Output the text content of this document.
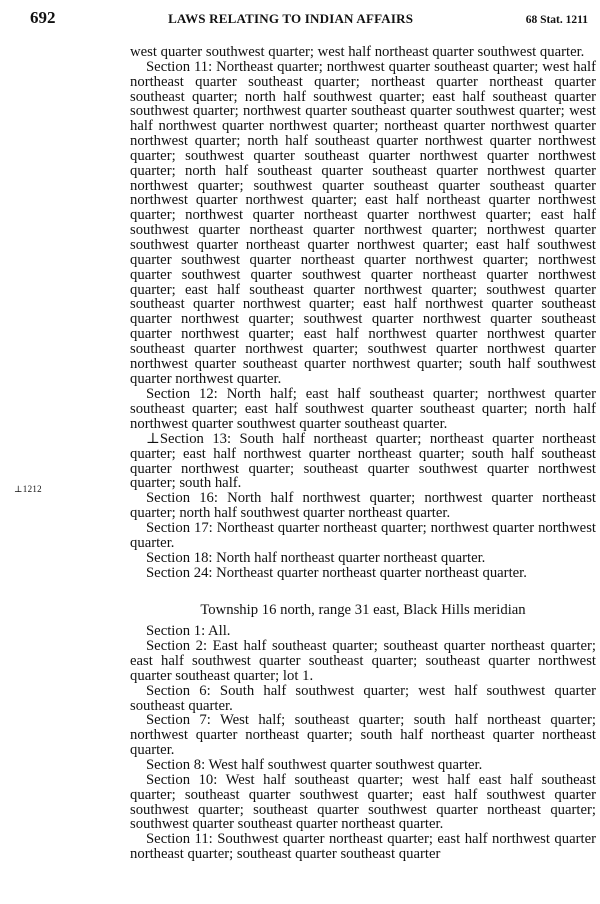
692	LAWS RELATING TO INDIAN AFFAIRS	68 Stat. 1211
⊥1212

west quarter southwest quarter; west half northeast quarter southwest quarter.

Section 11: Northeast quarter; northwest quarter southeast quarter; west half northeast quarter southeast quarter; northeast quarter northeast quarter southeast quarter; north half southwest quarter; east half southeast quarter southwest quarter; northwest quarter southeast quarter southwest quarter; west half northwest quarter northwest quarter; northeast quarter northwest quarter northwest quarter; north half southeast quarter northwest quarter northwest quarter; southwest quarter southeast quarter northwest quarter northwest quarter; north half southeast quarter southeast quarter northwest quarter northwest quarter; southwest quarter southeast quarter southeast quarter northwest quarter northwest quarter; east half northeast quarter northwest quarter; northwest quarter northeast quarter northwest quarter; east half southwest quarter northeast quarter northwest quarter; northwest quarter southwest quarter northeast quarter northwest quarter; east half southwest quarter southwest quarter northeast quarter northwest quarter; northwest quarter southwest quarter southwest quarter northeast quarter northwest quarter; east half southeast quarter northwest quarter; southwest quarter southeast quarter northwest quarter; east half northwest quarter southeast quarter northwest quarter; southwest quarter northwest quarter southeast quarter northwest quarter; east half northwest quarter northwest quarter southeast quarter northwest quarter; southwest quarter northwest quarter northwest quarter southeast quarter northwest quarter; south half southwest quarter northwest quarter.

Section 12: North half; east half southeast quarter; northwest quarter southeast quarter; east half southwest quarter southeast quarter; north half northwest quarter southwest quarter southeast quarter.

⊥Section 13: South half northeast quarter; northeast quarter northeast quarter; east half northwest quarter northeast quarter; south half southeast quarter northwest quarter; southeast quarter southwest quarter northwest quarter; south half.

Section 16: North half northwest quarter; northwest quarter northeast quarter; north half southwest quarter northeast quarter.

Section 17: Northeast quarter northeast quarter; northwest quarter northwest quarter.

Section 18: North half northeast quarter northeast quarter.

Section 24: Northeast quarter northeast quarter northeast quarter.

Township 16 north, range 31 east, Black Hills meridian

Section 1: All.

Section 2: East half southeast quarter; southeast quarter northeast quarter; east half southwest quarter southeast quarter; southeast quarter northwest quarter southeast quarter; lot 1.

Section 6: South half southwest quarter; west half southwest quarter southeast quarter.

Section 7: West half; southeast quarter; south half northeast quarter; northwest quarter northeast quarter; south half northeast quarter northeast quarter.

Section 8: West half southwest quarter southwest quarter.

Section 10: West half southeast quarter; west half east half southeast quarter; southeast quarter southwest quarter; east half southwest quarter southwest quarter; southeast quarter southwest quarter northeast quarter; southwest quarter southeast quarter northeast quarter.

Section 11: Southwest quarter northeast quarter; east half northwest quarter northeast quarter; southeast quarter southeast quarter
